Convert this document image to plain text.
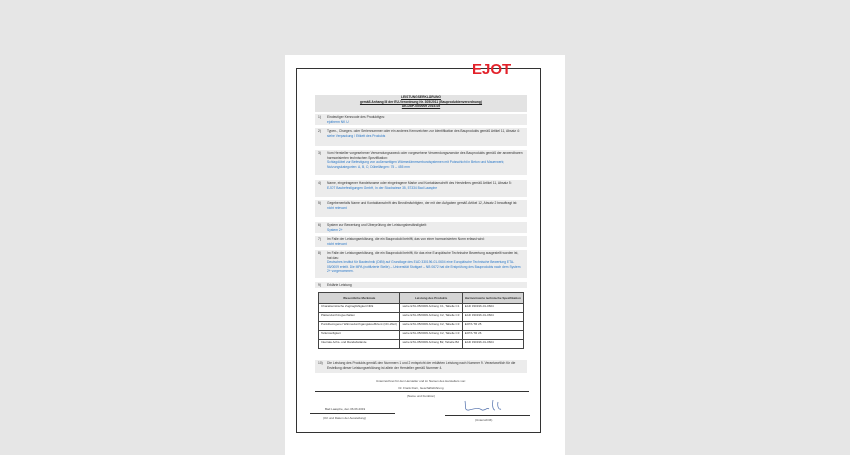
EJOT
LEISTUNGSERKLÄRUNG
gemäß Anhang III der EU-Verordnung Nr. 305/2011 (Bauproduktenverordnung)
DE-DoP-05/0009 2019-05
1) Eindeutiger Kenncode des Produkttyps:
ejotherm NK U
2) Typen-, Chargen- oder Seriennummer oder ein anderes Kennzeichen zur Identifikation des Bauprodukts gemäß Artikel 11, Absatz 4:
siehe Verpackung / Etikett des Produkts
3) Vom Hersteller vorgesehener Verwendungszweck oder vorgesehene Verwendungszwecke des Bauprodukts gemäß der anwendbaren harmonisierten technischen Spezifikation:
Schlagdübel zur Befestigung von außenseitigen Wärmedämmverbundsystemen mit Putzschicht in Beton und Mauerwerk; Nutzungskategorien: A, B, C; Dübellängen: 75 – 455 mm
4) Name, eingetragener Handelsname oder eingetragene Marke und Kontaktanschrift des Herstellers gemäß Artikel 11, Absatz 5:
EJOT Baubefestigungen GmbH, In der Stockwiese 35, 57334 Bad Laasphe
5) Gegebenenfalls Name und Kontaktanschrift des Bevollmächtigten, der mit den Aufgaben gemäß Artikel 12, Absatz 2 beauftragt ist:
nicht relevant
6) System zur Bewertung und Überprüfung der Leistungsbeständigkeit:
System 2+
7) Im Falle der Leistungserklärung, die ein Bauprodukt betrifft, das von einer harmonisierten Norm erfasst wird:
nicht relevant
8) Im Falle der Leistungserklärung, die ein Bauprodukt betrifft, für das eine Europäische Technische Bewertung ausgestellt worden ist, hat das:
Deutsches Institut für Bautechnik (DIBt) auf Grundlage des EAD 330196-01-0604 eine Europäische Technische Bewertung ETA-05/0009 erteilt. Die MPA (notifizierte Stelle) – Universität Stuttgart – NB 0672 hat die Erstprüfung des Bauprodukts nach dem System 2+ vorgenommen.
9) Erklärte Leistung
Wesentliche Merkmale	Leistung des Produkts	Harmonisierte technische Spezifikation
Charakteristische Zugtragfähigkeit NRk	siehe ETA-05/0009 Anhang C1, Tabelle C1	EAD 330196-01-0604
Plattendurchzugverhalten	siehe ETA-05/0009 Anhang C2, Tabelle C3	EAD 330196-01-0604
Punktbezogener Wärmedurchgangskoeffizient (Chi-Wert)	siehe ETA-05/0009 Anhang C2, Tabelle C3	EOTA TR 25
Tellersteifigkeit	siehe ETA-05/0009 Anhang C2, Tabelle C3	EOTA TR 26
Interrale Achs- und Randabstände	siehe ETA-05/0009 Anhang B2, Tabelle B2	EAD 330196-01-0604
10) Die Leistung des Produkts gemäß den Nummern 1 und 2 entspricht der erklärten Leistung nach Nummer 9. Verantwortlich für die Erstellung dieser Leistungserklärung ist allein der Hersteller gemäß Nummer 4.
Unterzeichnet für den Hersteller und im Namen des Herstellers von:
Dr. Frank Dorn, Geschäftsführung
(Name und Funktion)
Bad Laasphe, den 06.06.2019
(Ort und Datum der Ausstellung)	(Unterschrift)
